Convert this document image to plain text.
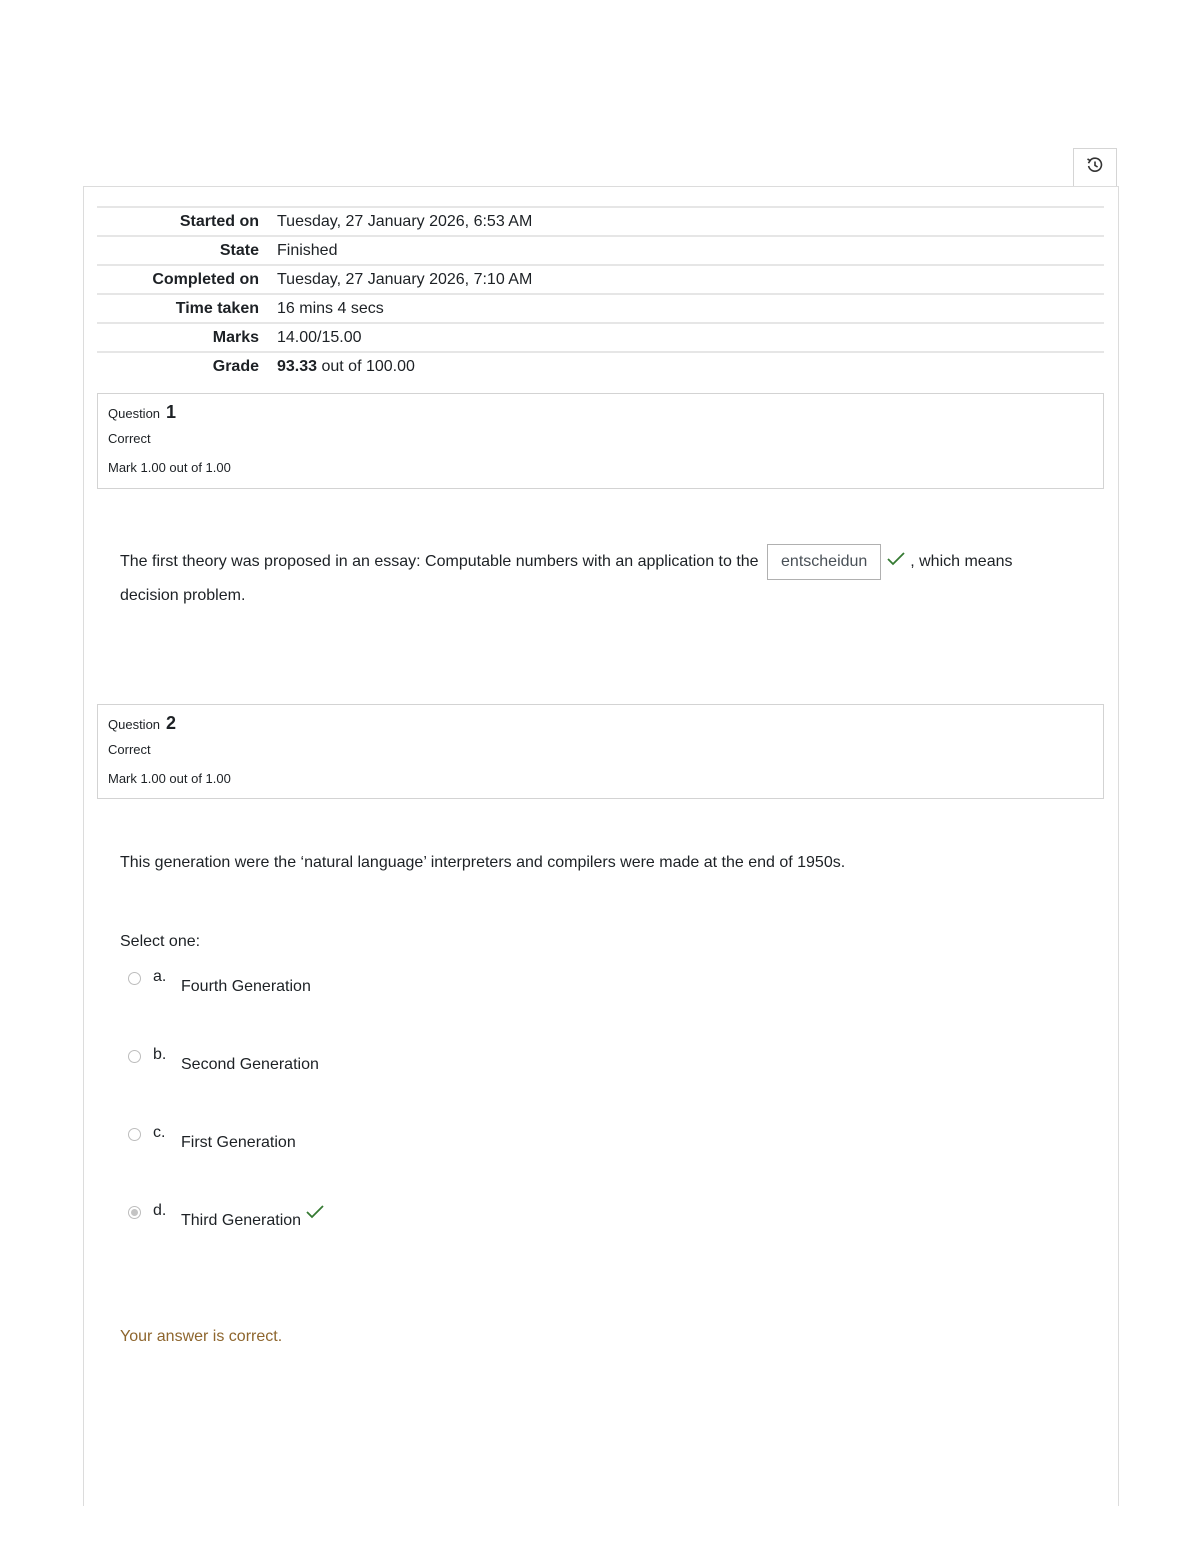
Started on	Tuesday, 27 January 2026, 6:53 AM
State	Finished
Completed on	Tuesday, 27 January 2026, 7:10 AM
Time taken	16 mins 4 secs
Marks	14.00/15.00
Grade	93.33 out of 100.00
Question 1
Correct
Mark 1.00 out of 1.00
The first theory was proposed in an essay: Computable numbers with an application to the entscheidun  , which means decision problem.
Question 2
Correct
Mark 1.00 out of 1.00
This generation were the ‘natural language’ interpreters and compilers were made at the end of 1950s.
Select one:
a.
Fourth Generation
b.
Second Generation
c.
First Generation
d.
Third Generation
Your answer is correct.
